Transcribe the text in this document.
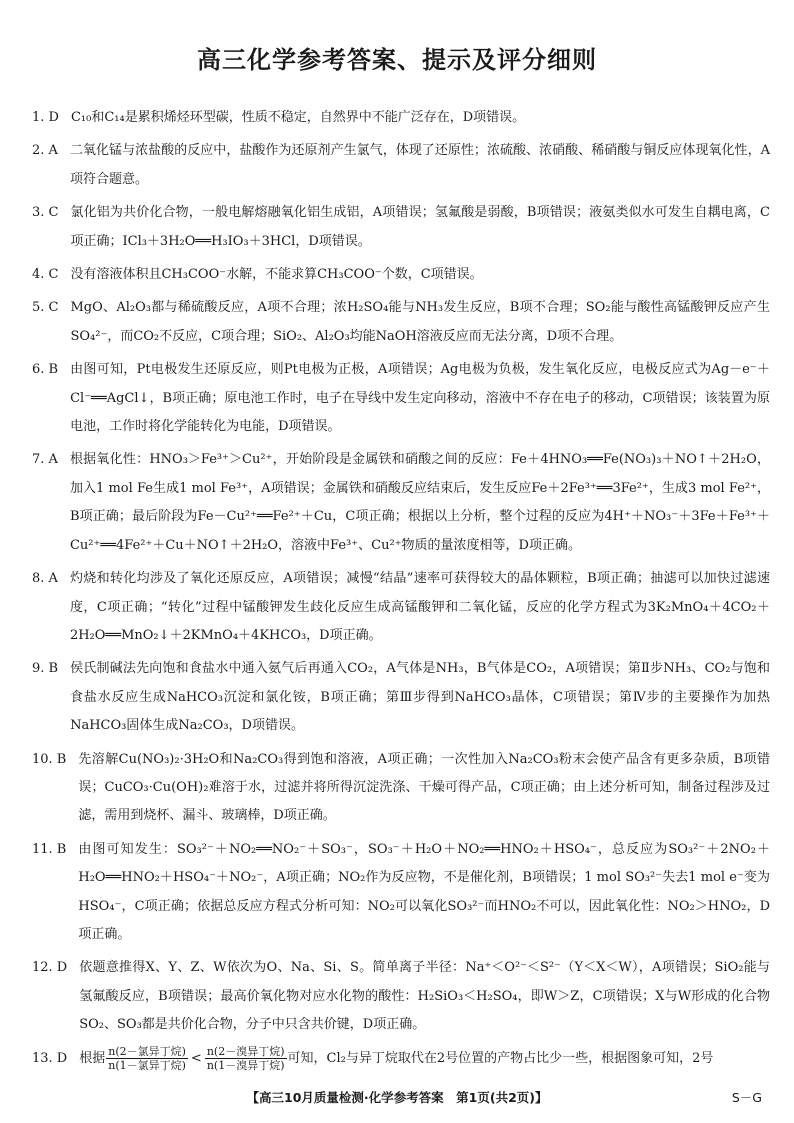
高三化学参考答案、提示及评分细则
1. D C₁₀和C₁₄是累积烯烃环型碳，性质不稳定，自然界中不能广泛存在，D项错误。
2. A 二氧化锰与浓盐酸的反应中，盐酸作为还原剂产生氯气，体现了还原性；浓硫酸、浓硝酸、稀硝酸与铜反应体现氧化性，A项符合题意。
3. C 氯化铝为共价化合物，一般电解熔融氧化铝生成铝，A项错误；氢氟酸是弱酸，B项错误；液氨类似水可发生自耦电离，C项正确；ICl₃＋3H₂O══H₃IO₃＋3HCl，D项错误。
4. C 没有溶液体积且CH₃COO⁻水解，不能求算CH₃COO⁻个数，C项错误。
5. C MgO、Al₂O₃都与稀硫酸反应，A项不合理；浓H₂SO₄能与NH₃发生反应，B项不合理；SO₂能与酸性高锰酸钾反应产生SO₄²⁻，而CO₂不反应，C项合理；SiO₂、Al₂O₃均能NaOH溶液反应而无法分离，D项不合理。
6. B 由图可知，Pt电极发生还原反应，则Pt电极为正极，A项错误；Ag电极为负极，发生氧化反应，电极反应式为Ag－e⁻＋Cl⁻══AgCl↓，B项正确；原电池工作时，电子在导线中发生定向移动，溶液中不存在电子的移动，C项错误；该装置为原电池，工作时将化学能转化为电能，D项错误。
7. A 根据氧化性：HNO₃＞Fe³⁺＞Cu²⁺，开始阶段是金属铁和硝酸之间的反应：Fe＋4HNO₃══Fe(NO₃)₃＋NO↑＋2H₂O，加入1 mol Fe生成1 mol Fe³⁺，A项错误；金属铁和硝酸反应结束后，发生反应Fe＋2Fe³⁺══3Fe²⁺，生成3 mol Fe²⁺，B项正确；最后阶段为Fe－Cu²⁺══Fe²⁺＋Cu，C项正确；根据以上分析，整个过程的反应为4H⁺＋NO₃⁻＋3Fe＋Fe³⁺＋Cu²⁺══4Fe²⁺＋Cu＋NO↑＋2H₂O，溶液中Fe³⁺、Cu²⁺物质的量浓度相等，D项正确。
8. A 灼烧和转化均涉及了氧化还原反应，A项错误；减慢“结晶”速率可获得较大的晶体颗粒，B项正确；抽滤可以加快过滤速度，C项正确；“转化”过程中锰酸钾发生歧化反应生成高锰酸钾和二氧化锰，反应的化学方程式为3K₂MnO₄＋4CO₂＋2H₂O══MnO₂↓＋2KMnO₄＋4KHCO₃，D项正确。
9. B 侯氏制碱法先向饱和食盐水中通入氨气后再通入CO₂，A气体是NH₃，B气体是CO₂，A项错误；第Ⅱ步NH₃、CO₂与饱和食盐水反应生成NaHCO₃沉淀和氯化铵，B项正确；第Ⅲ步得到NaHCO₃晶体，C项错误；第Ⅳ步的主要操作为加热NaHCO₃固体生成Na₂CO₃，D项错误。
10. B 先溶解Cu(NO₃)₂·3H₂O和Na₂CO₃得到饱和溶液，A项正确；一次性加入Na₂CO₃粉末会使产品含有更多杂质，B项错误；CuCO₃·Cu(OH)₂难溶于水，过滤并将所得沉淀洗涤、干燥可得产品，C项正确；由上述分析可知，制备过程涉及过滤，需用到烧杯、漏斗、玻璃棒，D项正确。
11. B 由图可知发生：SO₃²⁻＋NO₂══NO₂⁻＋SO₃⁻，SO₃⁻＋H₂O＋NO₂══HNO₂＋HSO₄⁻，总反应为SO₃²⁻＋2NO₂＋H₂O══HNO₂＋HSO₄⁻＋NO₂⁻，A项正确；NO₂作为反应物，不是催化剂，B项错误；1 mol SO₃²⁻失去1 mol e⁻变为HSO₄⁻，C项正确；依据总反应方程式分析可知：NO₂可以氧化SO₃²⁻而HNO₂不可以，因此氧化性：NO₂＞HNO₂，D项正确。
12. D 依题意推得X、Y、Z、W依次为O、Na、Si、S。简单离子半径：Na⁺＜O²⁻＜S²⁻（Y＜X＜W），A项错误；SiO₂能与氢氟酸反应，B项错误；最高价氧化物对应水化物的酸性：H₂SiO₃＜H₂SO₄，即W＞Z，C项错误；X与W形成的化合物SO₂、SO₃都是共价化合物，分子中只含共价键，D项正确。
13. D 根据 $\frac{\text{n(2－氯异丁烷)}}{\text{n(1－氯异丁烷)}} < \frac{\text{n(2－溴异丁烷)}}{\text{n(1－溴异丁烷)}}$ 可知，Cl₂与异丁烷取代在2号位置的产物占比少一些，根据图象可知，2号
【高三10月质量检测·化学参考答案　第1页(共2页)】	S－G
